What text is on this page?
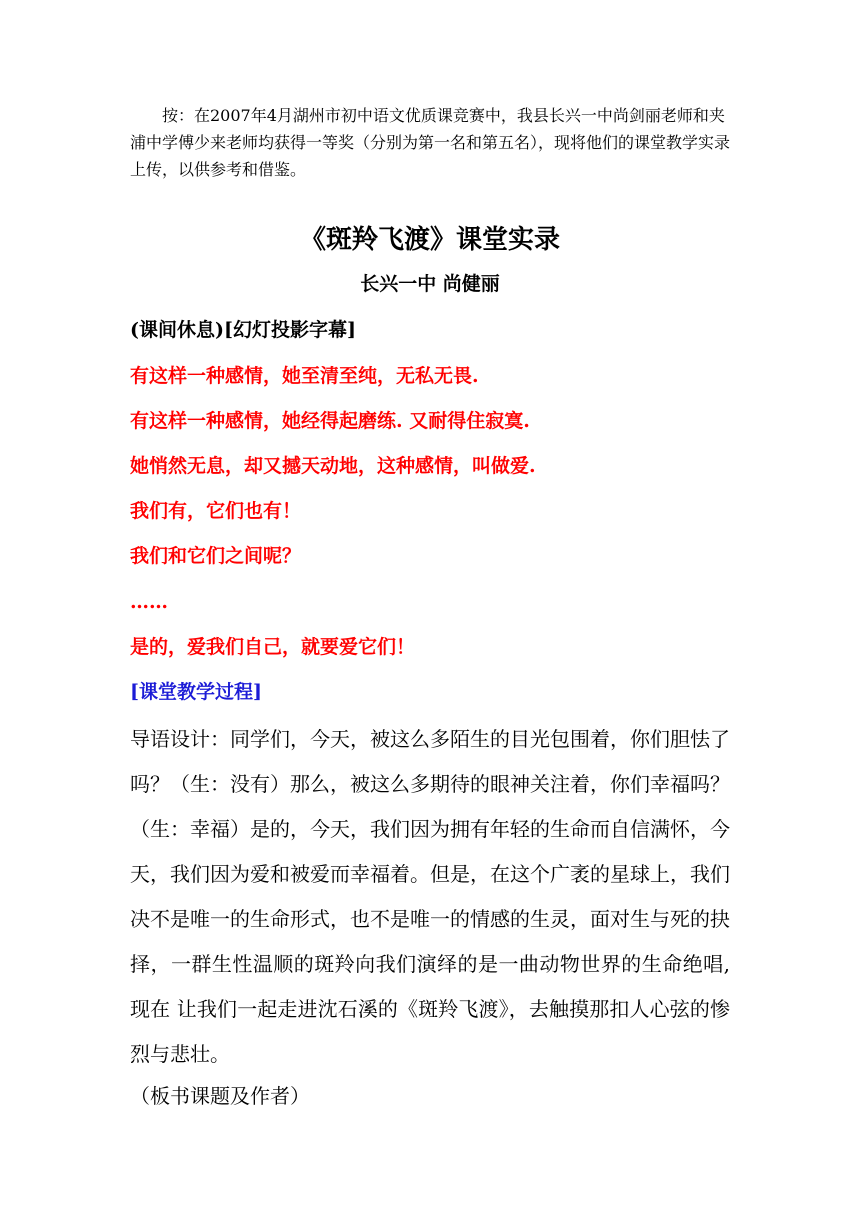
按：在2007年4月湖州市初中语文优质课竞赛中，我县长兴一中尚剑丽老师和夹浦中学傅少来老师均获得一等奖（分别为第一名和第五名），现将他们的课堂教学实录上传，以供参考和借鉴。

《斑羚飞渡》课堂实录
长兴一中 尚健丽
(课间休息)[幻灯投影字幕]
有这样一种感情，她至清至纯，无私无畏.
有这样一种感情，她经得起磨练. 又耐得住寂寞.
她悄然无息，却又撼天动地，这种感情，叫做爱.
我们有，它们也有！
我们和它们之间呢？
……
是的，爱我们自己，就要爱它们！
[课堂教学过程]

导语设计：同学们，今天，被这么多陌生的目光包围着，你们胆怯了吗？（生：没有）那么，被这么多期待的眼神关注着，你们幸福吗？（生：幸福）是的，今天，我们因为拥有年轻的生命而自信满怀，今天，我们因为爱和被爱而幸福着。但是，在这个广袤的星球上，我们决不是唯一的生命形式，也不是唯一的情感的生灵，面对生与死的抉择，一群生性温顺的斑羚向我们演绎的是一曲动物世界的生命绝唱,现在 让我们一起走进沈石溪的《斑羚飞渡》，去触摸那扣人心弦的惨烈与悲壮。

（板书课题及作者）
